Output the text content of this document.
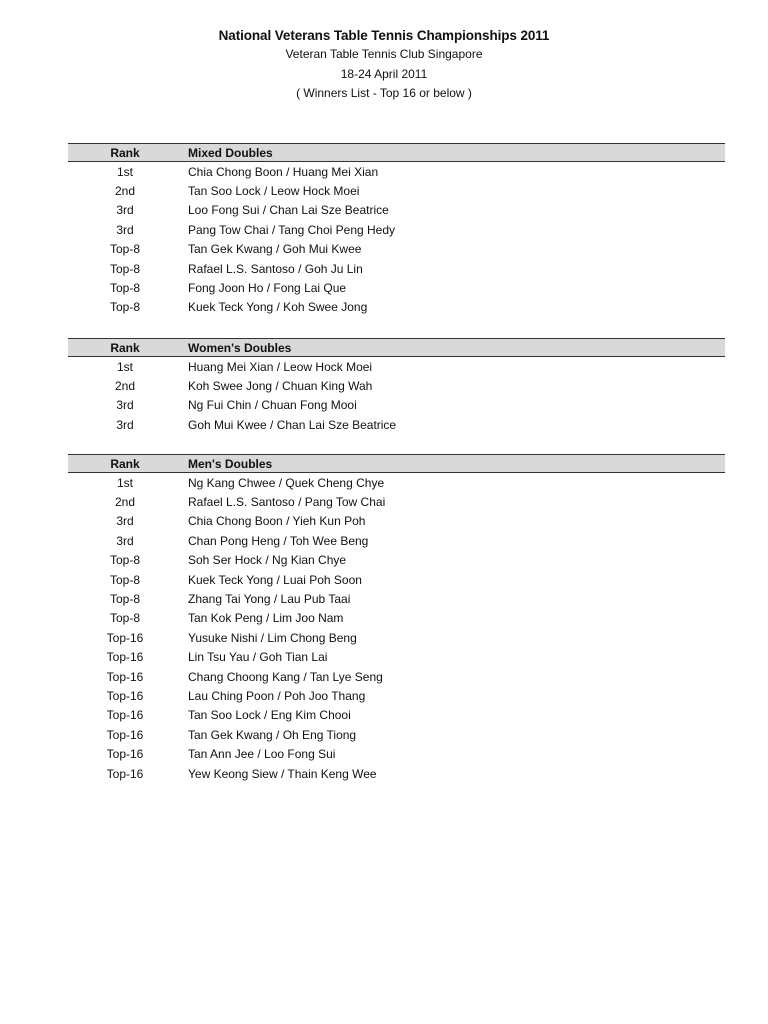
National Veterans Table Tennis Championships 2011
Veteran Table Tennis Club Singapore
18-24 April 2011
( Winners List - Top 16 or below )
Rank	Mixed Doubles
1st	Chia Chong Boon / Huang Mei Xian
2nd	Tan Soo Lock / Leow Hock Moei
3rd	Loo Fong Sui / Chan Lai Sze Beatrice
3rd	Pang Tow Chai / Tang Choi Peng Hedy
Top-8	Tan Gek Kwang / Goh Mui Kwee
Top-8	Rafael L.S. Santoso / Goh Ju Lin
Top-8	Fong Joon Ho / Fong Lai Que
Top-8	Kuek Teck Yong / Koh Swee Jong
Rank	Women's Doubles
1st	Huang Mei Xian / Leow Hock Moei
2nd	Koh Swee Jong / Chuan King Wah
3rd	Ng Fui Chin / Chuan Fong Mooi
3rd	Goh Mui Kwee / Chan Lai Sze Beatrice
Rank	Men's Doubles
1st	Ng Kang Chwee / Quek Cheng Chye
2nd	Rafael L.S. Santoso / Pang Tow Chai
3rd	Chia Chong Boon / Yieh Kun Poh
3rd	Chan Pong Heng / Toh Wee Beng
Top-8	Soh Ser Hock / Ng Kian Chye
Top-8	Kuek Teck Yong / Luai Poh Soon
Top-8	Zhang Tai Yong / Lau Pub Taai
Top-8	Tan Kok Peng / Lim Joo Nam
Top-16	Yusuke Nishi / Lim Chong Beng
Top-16	Lin Tsu Yau / Goh Tian Lai
Top-16	Chang Choong Kang / Tan Lye Seng
Top-16	Lau Ching Poon / Poh Joo Thang
Top-16	Tan Soo Lock / Eng Kim Chooi
Top-16	Tan Gek Kwang / Oh Eng Tiong
Top-16	Tan Ann Jee / Loo Fong Sui
Top-16	Yew Keong Siew / Thain Keng Wee
